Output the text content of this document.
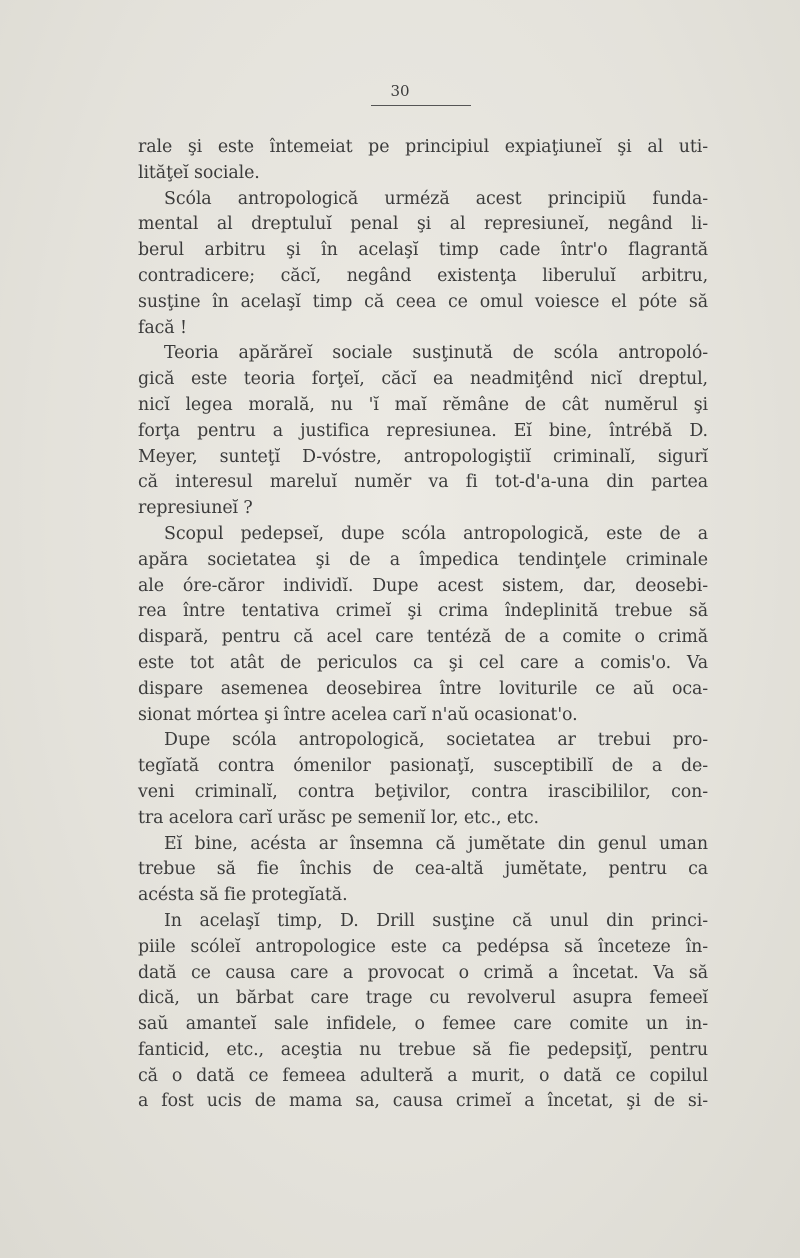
30
rale şi este întemeiat pe principiul expiaţiuneĭ şi al uti-
lităţeĭ sociale.
Scóla antropologică urméză acest principiŭ funda-
mental al dreptuluĭ penal şi al represiuneĭ, negând li-
berul arbitru şi în acelaşĭ timp cade într'o flagrantă
contradicere; căcĭ, negând existenţa liberuluĭ arbitru,
susţine în acelaşĭ timp că ceea ce omul voiesce el póte să
facă !
Teoria apărăreĭ sociale susţinută de scóla antropoló-
gică este teoria forţeĭ, căcĭ ea neadmiţênd nicĭ dreptul,
nicĭ legea morală, nu 'ĭ maĭ rĕmâne de cât numĕrul şi
forţa pentru a justifica represiunea. Eĭ bine, întrébă D.
Meyer, sunteţĭ D-vóstre, antropologiştiĭ criminalĭ, sigurĭ
că interesul mareluĭ numĕr va fi tot-d'a-una din partea
represiuneĭ ?
Scopul pedepseĭ, dupe scóla antropologică, este de a
apăra societatea şi de a împedica tendinţele criminale
ale óre-căror individĭ. Dupe acest sistem, dar, deosebi-
rea între tentativa crimeĭ şi crima îndeplinită trebue să
dispară, pentru că acel care tentéză de a comite o crimă
este tot atât de periculos ca şi cel care a comis'o. Va
dispare asemenea deosebirea între loviturile ce aŭ oca-
sionat mórtea şi între acelea carĭ n'aŭ ocasionat'o.
Dupe scóla antropologică, societatea ar trebui pro-
tegĭată contra ómenilor pasionaţĭ, susceptibilĭ de a de-
veni criminalĭ, contra beţivilor, contra irascibililor, con-
tra acelora carĭ urăsc pe semeniĭ lor, etc., etc.
Eĭ bine, acésta ar însemna că jumĕtate din genul uman
trebue să fie închis de cea-altă jumĕtate, pentru ca
acésta să fie protegĭată.
In acelaşĭ timp, D. Drill susţine că unul din princi-
piile scóleĭ antropologice este ca pedépsa să înceteze în-
dată ce causa care a provocat o crimă a încetat. Va să
dică, un bărbat care trage cu revolverul asupra femeeĭ
saŭ amanteĭ sale infidele, o femee care comite un in-
fanticid, etc., aceştia nu trebue să fie pedepsiţĭ, pentru
că o dată ce femeea adulteră a murit, o dată ce copilul
a fost ucis de mama sa, causa crimeĭ a încetat, şi de si-
